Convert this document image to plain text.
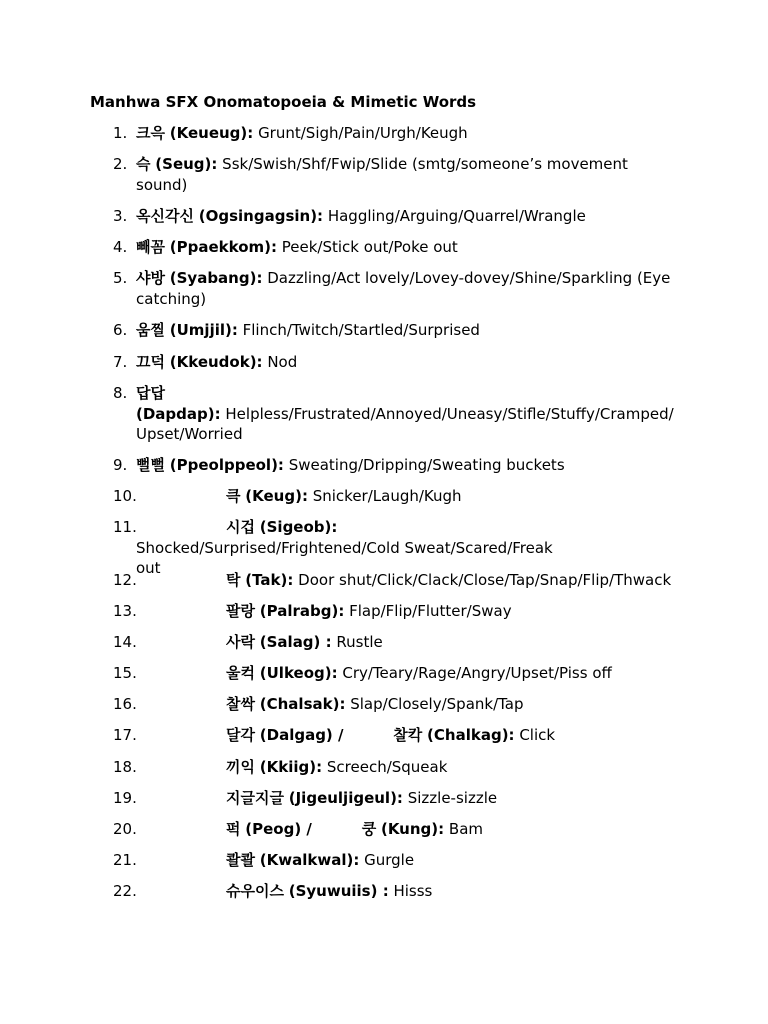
Manhwa SFX Onomatopoeia & Mimetic Words
1. 크윽 (Keueug): Grunt/Sigh/Pain/Urgh/Keugh
2. 슥 (Seug): Ssk/Swish/Shf/Fwip/Slide (smtg/someone’s movement sound)
3. 옥신각신 (Ogsingagsin): Haggling/Arguing/Quarrel/Wrangle
4. 빼꼼 (Ppaekkom): Peek/Stick out/Poke out
5. 샤방 (Syabang): Dazzling/Act lovely/Lovey-dovey/Shine/Sparkling (Eye catching)
6. 움찔 (Umjjil): Flinch/Twitch/Startled/Surprised
7. 끄덕 (Kkeudok): Nod
8. 답답
(Dapdap): Helpless/Frustrated/Annoyed/Uneasy/Stifle/Stuffy/Cramped/ Upset/Worried
9. 뻘뻘 (Ppeolppeol): Sweating/Dripping/Sweating buckets
10.	큭 (Keug): Snicker/Laugh/Kugh
11.	시겁 (Sigeob): Shocked/Surprised/Frightened/Cold Sweat/Scared/Freak out
12.	탁 (Tak): Door shut/Click/Clack/Close/Tap/Snap/Flip/Thwack
13.	팔랑 (Palrabg): Flap/Flip/Flutter/Sway
14.	사락 (Salag) : Rustle
15.	울컥 (Ulkeog): Cry/Teary/Rage/Angry/Upset/Piss off
16.	찰싹 (Chalsak): Slap/Closely/Spank/Tap
17.	달각 (Dalgag) /	찰칵 (Chalkag): Click
18.	끼익 (Kkiig): Screech/Squeak
19.	지글지글 (Jigeuljigeul): Sizzle-sizzle
20.	퍽 (Peog) /	쿵 (Kung): Bam
21.	콸콸 (Kwalkwal): Gurgle
22.	슈우이스 (Syuwuiis) : Hisss
